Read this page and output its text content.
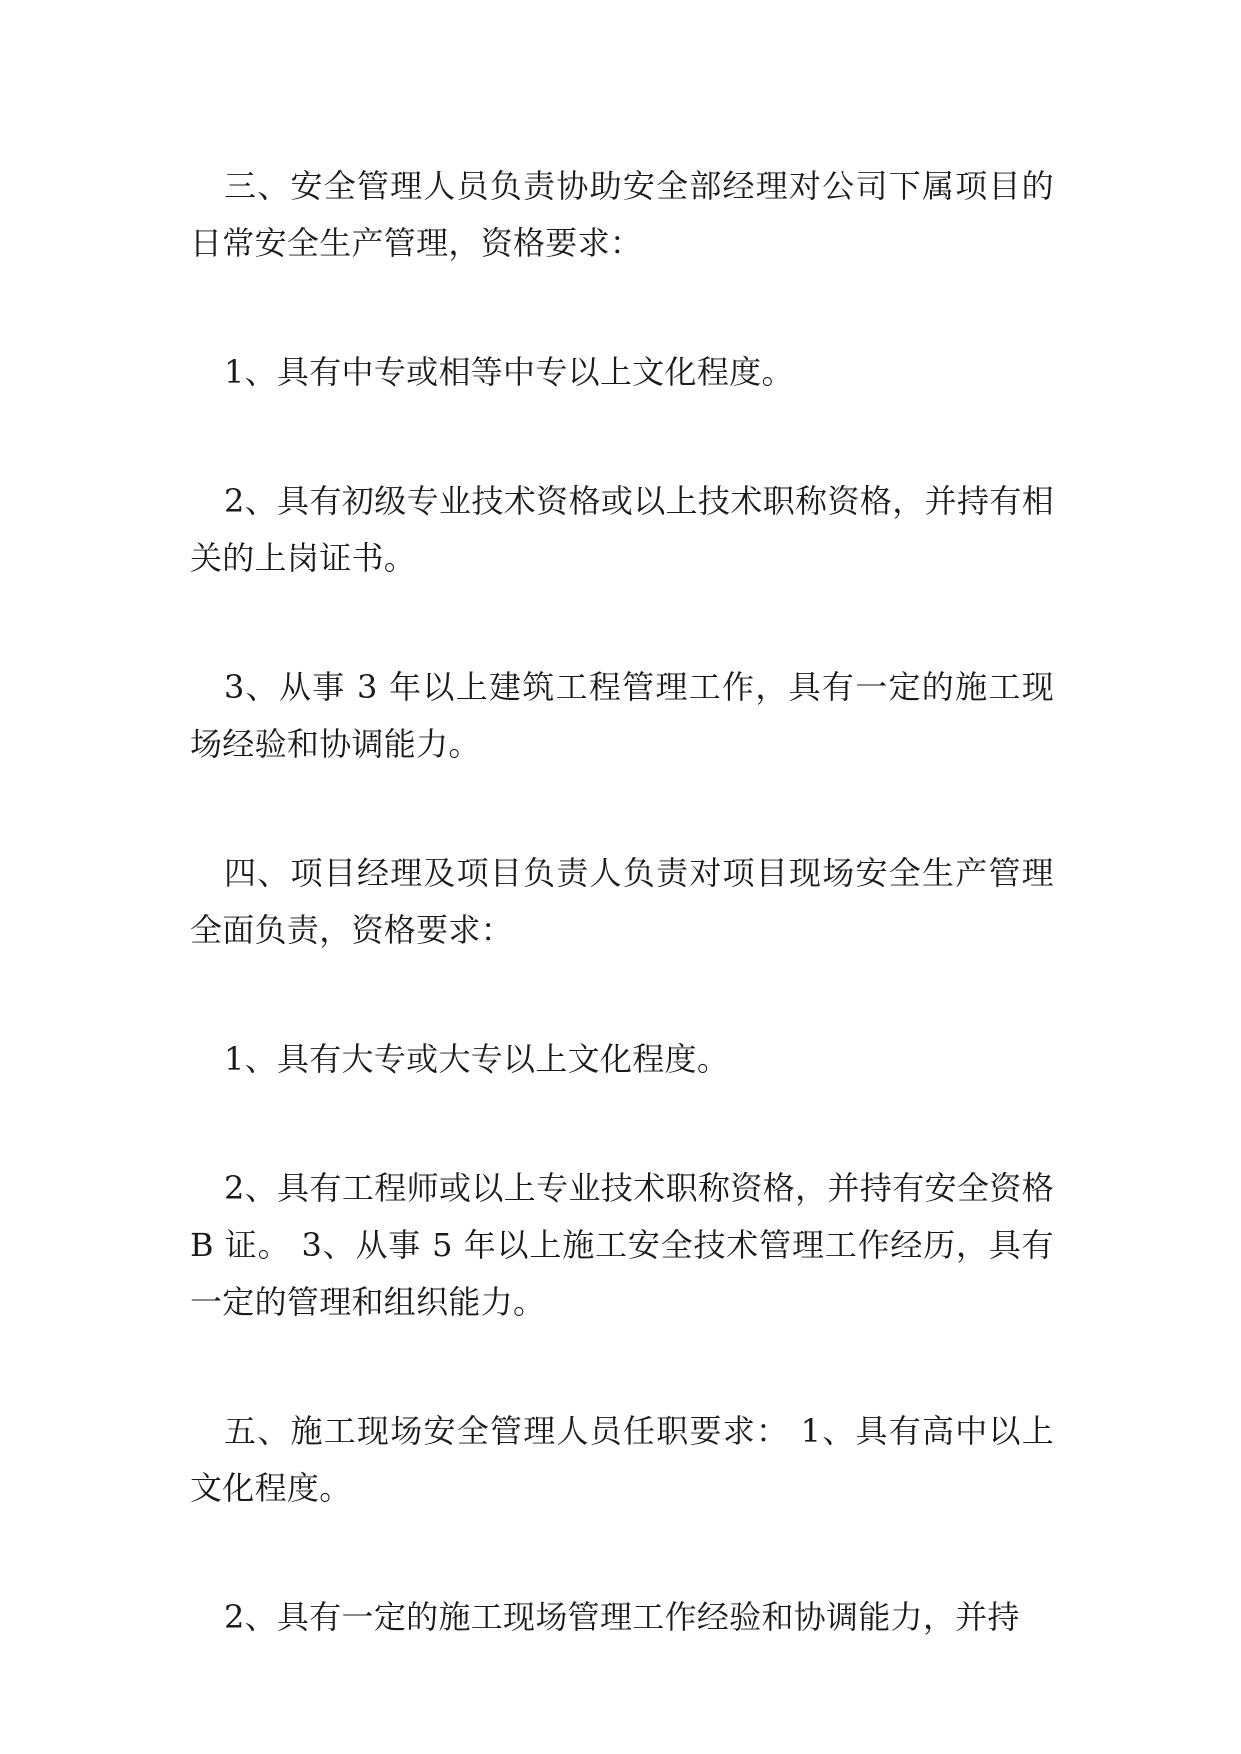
三、安全管理人员负责协助安全部经理对公司下属项目的日常安全生产管理，资格要求：

1、具有中专或相等中专以上文化程度。

2、具有初级专业技术资格或以上技术职称资格，并持有相关的上岗证书。

3、从事 3 年以上建筑工程管理工作，具有一定的施工现场经验和协调能力。

四、项目经理及项目负责人负责对项目现场安全生产管理全面负责，资格要求：

1、具有大专或大专以上文化程度。

2、具有工程师或以上专业技术职称资格，并持有安全资格 B 证。 3、从事 5 年以上施工安全技术管理工作经历，具有一定的管理和组织能力。

五、施工现场安全管理人员任职要求： 1、具有高中以上文化程度。

2、具有一定的施工现场管理工作经验和协调能力，并持
